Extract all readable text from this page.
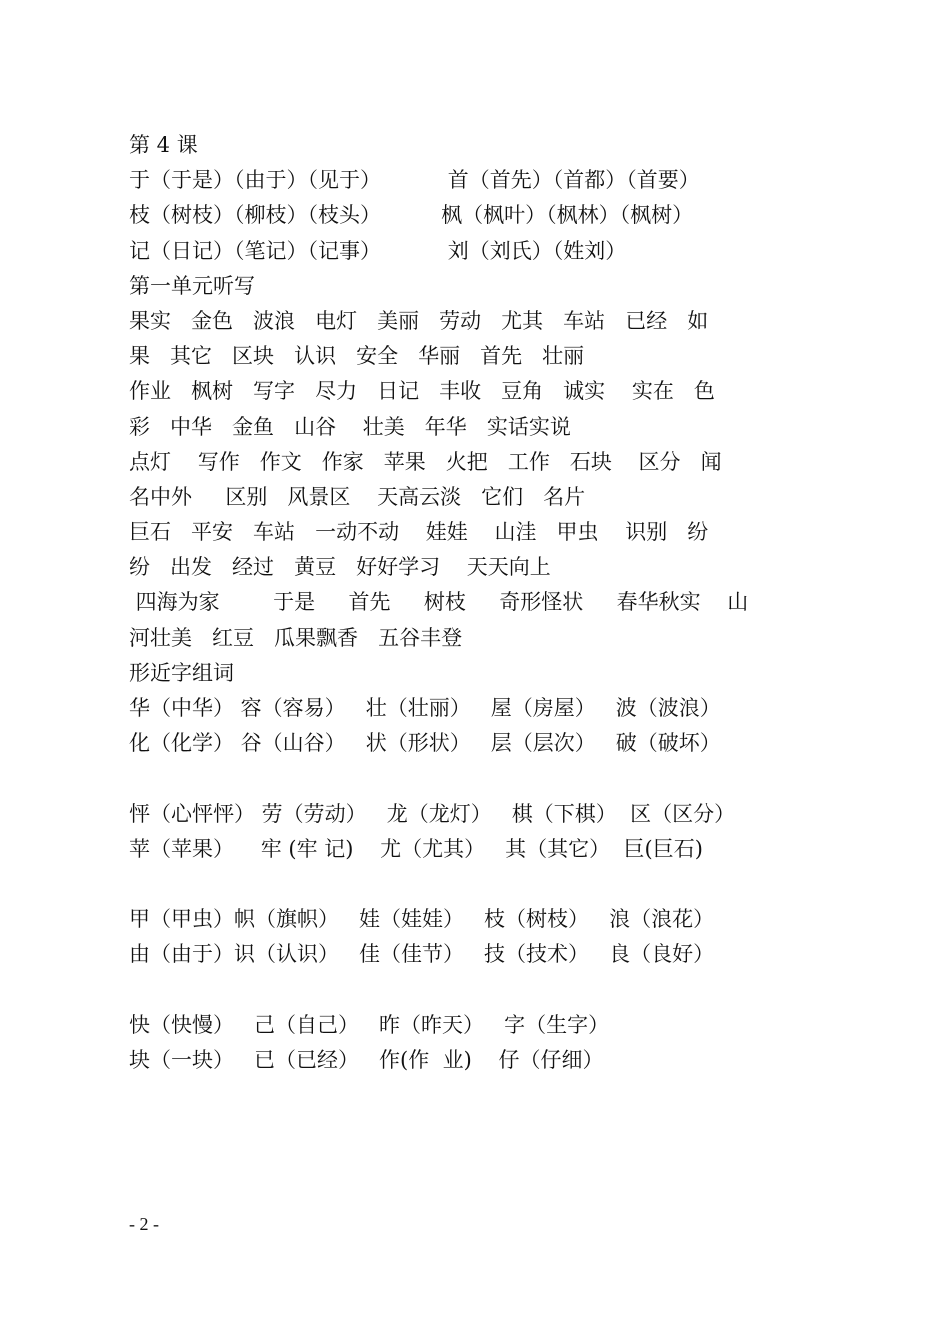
第 4 课
于（于是）（由于）（见于）          首（首先）（首都）（首要）
枝（树枝）（柳枝）（枝头）         枫（枫叶）（枫林）（枫树）
记（日记）（笔记）（记事）          刘（刘氏）（姓刘）
第一单元听写
果实   金色   波浪   电灯   美丽   劳动   尤其   车站   已经   如
果   其它   区块   认识   安全   华丽   首先   壮丽
作业   枫树   写字   尽力   日记   丰收   豆角   诚实    实在   色
彩   中华   金鱼   山谷    壮美   年华   实话实说
点灯    写作   作文   作家   苹果   火把   工作   石块    区分   闻
名中外     区别   风景区    天高云淡   它们   名片
巨石   平安   车站   一动不动    娃娃    山洼   甲虫    识别   纷
纷   出发   经过   黄豆   好好学习    天天向上
四海为家        于是     首先     树枝     奇形怪状     春华秋实    山
河壮美   红豆   瓜果飘香   五谷丰登
形近字组词
华（中华） 容（容易）   壮（壮丽）   屋（房屋）   波（波浪）
化（化学） 谷（山谷）   状（形状）   层（层次）   破（破坏）
怦（心怦怦） 劳（劳动）   龙（龙灯）   棋（下棋）  区（区分）
苹（苹果）    牢 (牢 记)    尤（尤其）   其（其它）  巨(巨石)
甲（甲虫）帜（旗帜）   娃（娃娃）   枝（树枝）   浪（浪花）
由（由于）识（认识）   佳（佳节）   技（技术）   良（良好）
快（快慢）   己（自己）   昨（昨天）   字（生字）
块（一块）   已（已经）   作(作  业)    仔（仔细）
- 2 -
